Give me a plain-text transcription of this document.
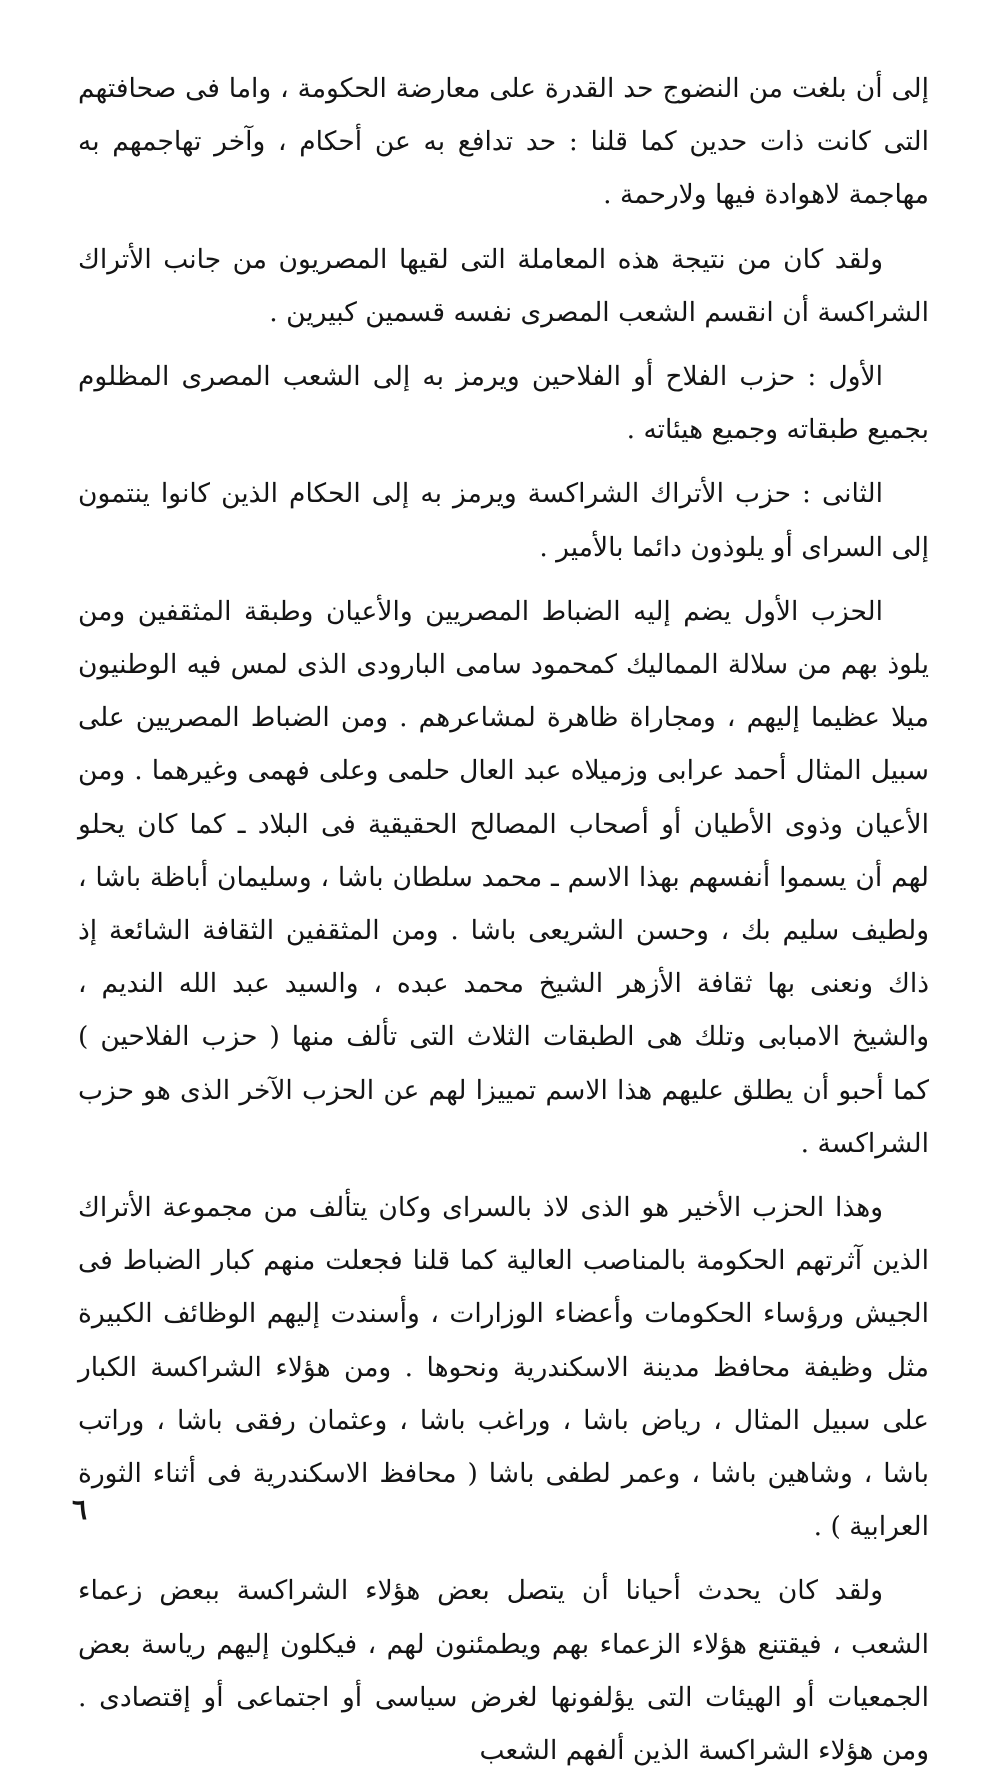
إلى أن بلغت من النضوج حد القدرة على معارضة الحكومة ، واما فى صحافتهم التى كانت ذات حدين كما قلنا : حد تدافع به عن أحكام ، وآخر تهاجمهم به مهاجمة لاهوادة فيها ولارحمة .

ولقد كان من نتيجة هذه المعاملة التى لقيها المصريون من جانب الأتراك الشراكسة أن انقسم الشعب المصرى نفسه قسمين كبيرين .

الأول : حزب الفلاح أو الفلاحين ويرمز به إلى الشعب المصرى المظلوم بجميع طبقاته وجميع هيئاته .

الثانى : حزب الأتراك الشراكسة ويرمز به إلى الحكام الذين كانوا ينتمون إلى السراى أو يلوذون دائما بالأمير .

الحزب الأول يضم إليه الضباط المصريين والأعيان وطبقة المثقفين ومن يلوذ بهم من سلالة المماليك كمحمود سامى البارودى الذى لمس فيه الوطنيون ميلا عظيما إليهم ، ومجاراة ظاهرة لمشاعرهم . ومن الضباط المصريين على سبيل المثال أحمد عرابى وزميلاه عبد العال حلمى وعلى فهمى وغيرهما . ومن الأعيان وذوى الأطيان أو أصحاب المصالح الحقيقية فى البلاد ـ كما كان يحلو لهم أن يسموا أنفسهم بهذا الاسم ـ محمد سلطان باشا ، وسليمان أباظة باشا ، ولطيف سليم بك ، وحسن الشريعى باشا . ومن المثقفين الثقافة الشائعة إذ ذاك ونعنى بها ثقافة الأزهر الشيخ محمد عبده ، والسيد عبد الله النديم ، والشيخ الامبابى وتلك هى الطبقات الثلاث التى تألف منها ( حزب الفلاحين ) كما أحبو أن يطلق عليهم هذا الاسم تمييزا لهم عن الحزب الآخر الذى هو حزب الشراكسة .

وهذا الحزب الأخير هو الذى لاذ بالسراى وكان يتألف من مجموعة الأتراك الذين آثرتهم الحكومة بالمناصب العالية كما قلنا فجعلت منهم كبار الضباط فى الجيش ورؤساء الحكومات وأعضاء الوزارات ، وأسندت إليهم الوظائف الكبيرة مثل وظيفة محافظ مدينة الاسكندرية ونحوها . ومن هؤلاء الشراكسة الكبار على سبيل المثال ، رياض باشا ، وراغب باشا ، وعثمان رفقى باشا ، وراتب باشا ، وشاهين باشا ، وعمر لطفى باشا ( محافظ الاسكندرية فى أثناء الثورة العرابية ) .

ولقد كان يحدث أحيانا أن يتصل بعض هؤلاء الشراكسة ببعض زعماء الشعب ، فيقتنع هؤلاء الزعماء بهم ويطمئنون لهم ، فيكلون إليهم رياسة بعض الجمعيات أو الهيئات التى يؤلفونها لغرض سياسى أو اجتماعى أو إقتصادى . ومن هؤلاء الشراكسة الذين ألفهم الشعب

٦
